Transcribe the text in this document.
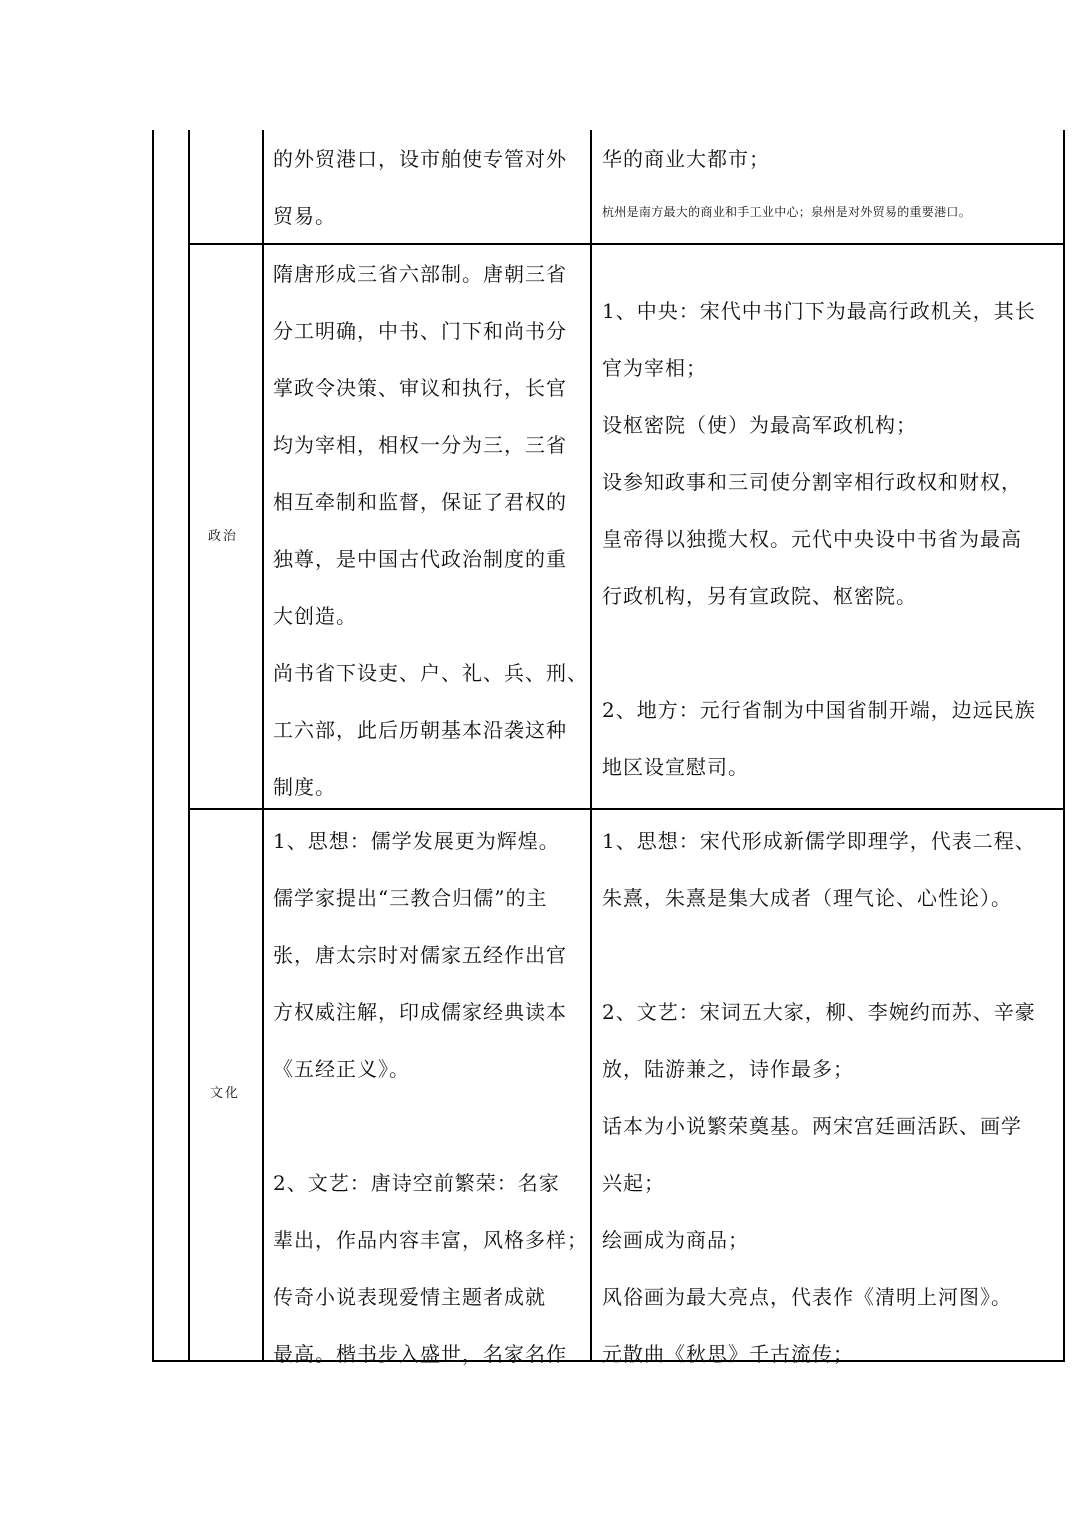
的外贸港口，设市舶使专管对外

贸易。

华的商业大都市；

杭州是南方最大的商业和手工业中心；泉州是对外贸易的重要港口。
政治

隋唐形成三省六部制。唐朝三省

分工明确，中书、门下和尚书分

掌政令决策、审议和执行，长官

均为宰相，相权一分为三，三省

相互牵制和监督，保证了君权的

独尊，是中国古代政治制度的重

大创造。

尚书省下设吏、户、礼、兵、刑、

工六部，此后历朝基本沿袭这种

制度。

1、中央：宋代中书门下为最高行政机关，其长

官为宰相；

设枢密院（使）为最高军政机构；

设参知政事和三司使分割宰相行政权和财权，

皇帝得以独揽大权。元代中央设中书省为最高

行政机构，另有宣政院、枢密院。

2、地方：元行省制为中国省制开端，边远民族

地区设宣慰司。

文化

1、思想：儒学发展更为辉煌。

儒学家提出“三教合归儒”的主

张，唐太宗时对儒家五经作出官

方权威注解，印成儒家经典读本

《五经正义》。

2、文艺：唐诗空前繁荣：名家

辈出，作品内容丰富，风格多样；

传奇小说表现爱情主题者成就

最高。楷书步入盛世，名家名作

1、思想：宋代形成新儒学即理学，代表二程、

朱熹，朱熹是集大成者（理气论、心性论）。

2、文艺：宋词五大家，柳、李婉约而苏、辛豪

放，陆游兼之，诗作最多；

话本为小说繁荣奠基。两宋宫廷画活跃、画学

兴起；

绘画成为商品；

风俗画为最大亮点，代表作《清明上河图》。

元散曲《秋思》千古流传；
